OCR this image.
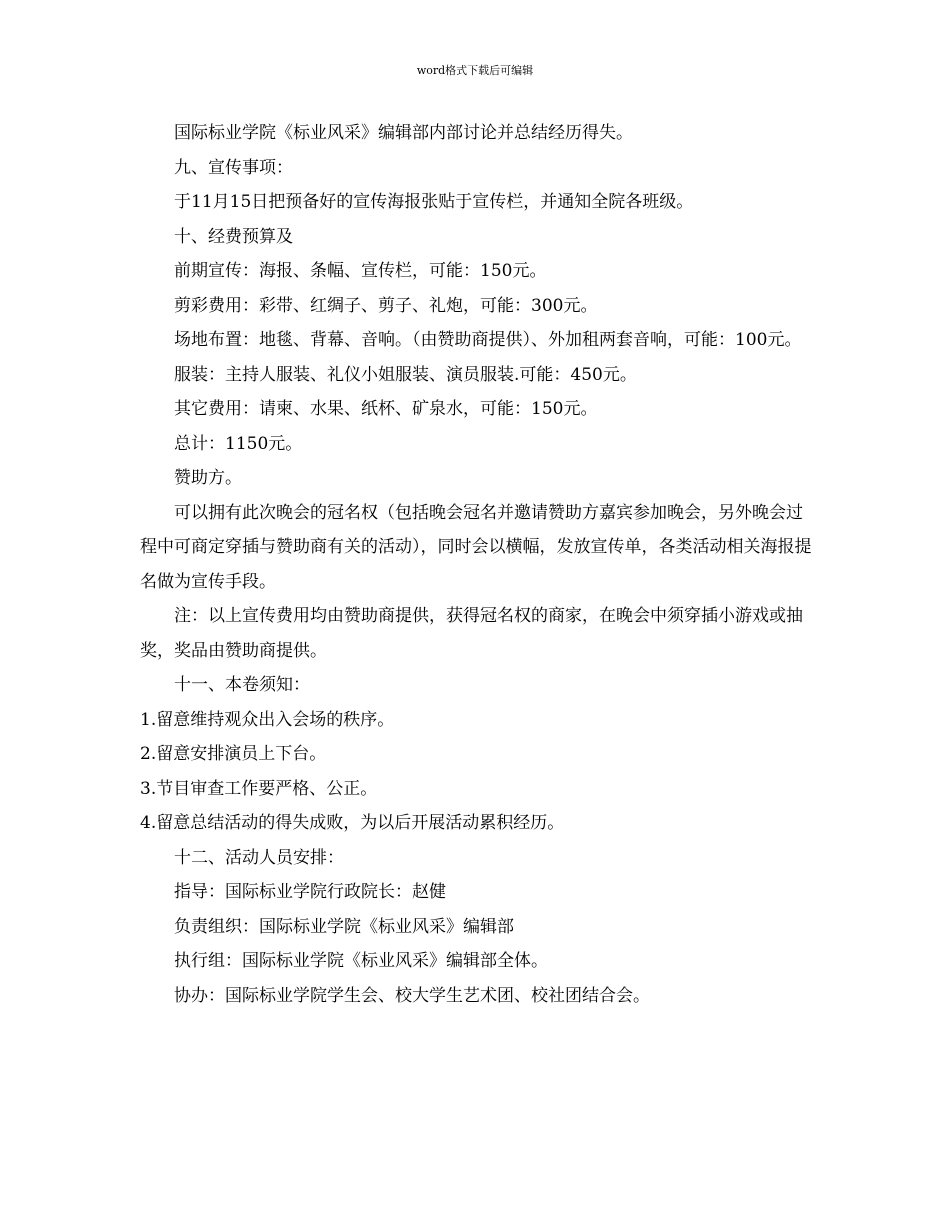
word格式下载后可编辑

国际标业学院《标业风采》编辑部内部讨论并总结经历得失。

九、宣传事项：

于11月15日把预备好的宣传海报张贴于宣传栏，并通知全院各班级。

十、经费预算及

前期宣传：海报、条幅、宣传栏，可能：150元。

剪彩费用：彩带、红绸子、剪子、礼炮，可能：300元。

场地布置：地毯、背幕、音响。（由赞助商提供）、外加租两套音响，可能：100元。

服装：主持人服装、礼仪小姐服装、演员服装.可能：450元。

其它费用：请柬、水果、纸杯、矿泉水，可能：150元。

总计：1150元。

赞助方。

可以拥有此次晚会的冠名权（包括晚会冠名并邀请赞助方嘉宾参加晚会，另外晚会过程中可商定穿插与赞助商有关的活动），同时会以横幅，发放宣传单，各类活动相关海报提名做为宣传手段。

注：以上宣传费用均由赞助商提供，获得冠名权的商家，在晚会中须穿插小游戏或抽奖，奖品由赞助商提供。

十一、本卷须知：

1.留意维持观众出入会场的秩序。

2.留意安排演员上下台。

3.节目审查工作要严格、公正。

4.留意总结活动的得失成败，为以后开展活动累积经历。

十二、活动人员安排：

指导：国际标业学院行政院长：赵健

负责组织：国际标业学院《标业风采》编辑部

执行组：国际标业学院《标业风采》编辑部全体。

协办：国际标业学院学生会、校大学生艺术团、校社团结合会。
